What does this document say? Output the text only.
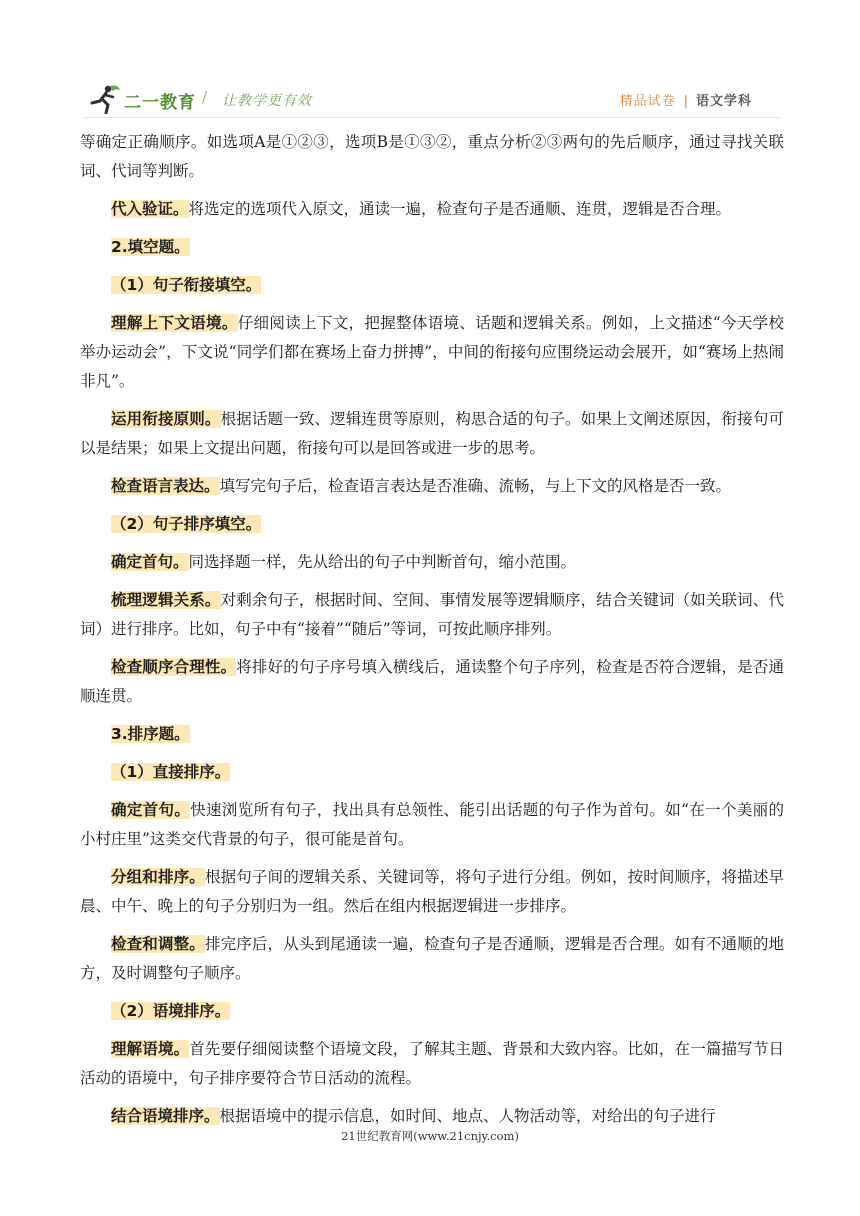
二一教育 / 让教学更有效	精品试卷 | 语文学科

等确定正确顺序。如选项A是①②③，选项B是①③②，重点分析②③两句的先后顺序，通过寻找关联词、代词等判断。

代入验证。将选定的选项代入原文，通读一遍，检查句子是否通顺、连贯，逻辑是否合理。

2.填空题。

（1）句子衔接填空。

理解上下文语境。仔细阅读上下文，把握整体语境、话题和逻辑关系。例如，上文描述“今天学校举办运动会”，下文说“同学们都在赛场上奋力拼搏”，中间的衔接句应围绕运动会展开，如“赛场上热闹非凡”。

运用衔接原则。根据话题一致、逻辑连贯等原则，构思合适的句子。如果上文阐述原因，衔接句可以是结果；如果上文提出问题，衔接句可以是回答或进一步的思考。

检查语言表达。填写完句子后，检查语言表达是否准确、流畅，与上下文的风格是否一致。

（2）句子排序填空。

确定首句。同选择题一样，先从给出的句子中判断首句，缩小范围。

梳理逻辑关系。对剩余句子，根据时间、空间、事情发展等逻辑顺序，结合关键词（如关联词、代词）进行排序。比如，句子中有“接着”“随后”等词，可按此顺序排列。

检查顺序合理性。将排好的句子序号填入横线后，通读整个句子序列，检查是否符合逻辑，是否通顺连贯。

3.排序题。

（1）直接排序。

确定首句。快速浏览所有句子，找出具有总领性、能引出话题的句子作为首句。如“在一个美丽的小村庄里”这类交代背景的句子，很可能是首句。

分组和排序。根据句子间的逻辑关系、关键词等，将句子进行分组。例如，按时间顺序，将描述早晨、中午、晚上的句子分别归为一组。然后在组内根据逻辑进一步排序。

检查和调整。排完序后，从头到尾通读一遍，检查句子是否通顺，逻辑是否合理。如有不通顺的地方，及时调整句子顺序。

（2）语境排序。

理解语境。首先要仔细阅读整个语境文段，了解其主题、背景和大致内容。比如，在一篇描写节日活动的语境中，句子排序要符合节日活动的流程。

结合语境排序。根据语境中的提示信息，如时间、地点、人物活动等，对给出的句子进行

21世纪教育网(www.21cnjy.com)
